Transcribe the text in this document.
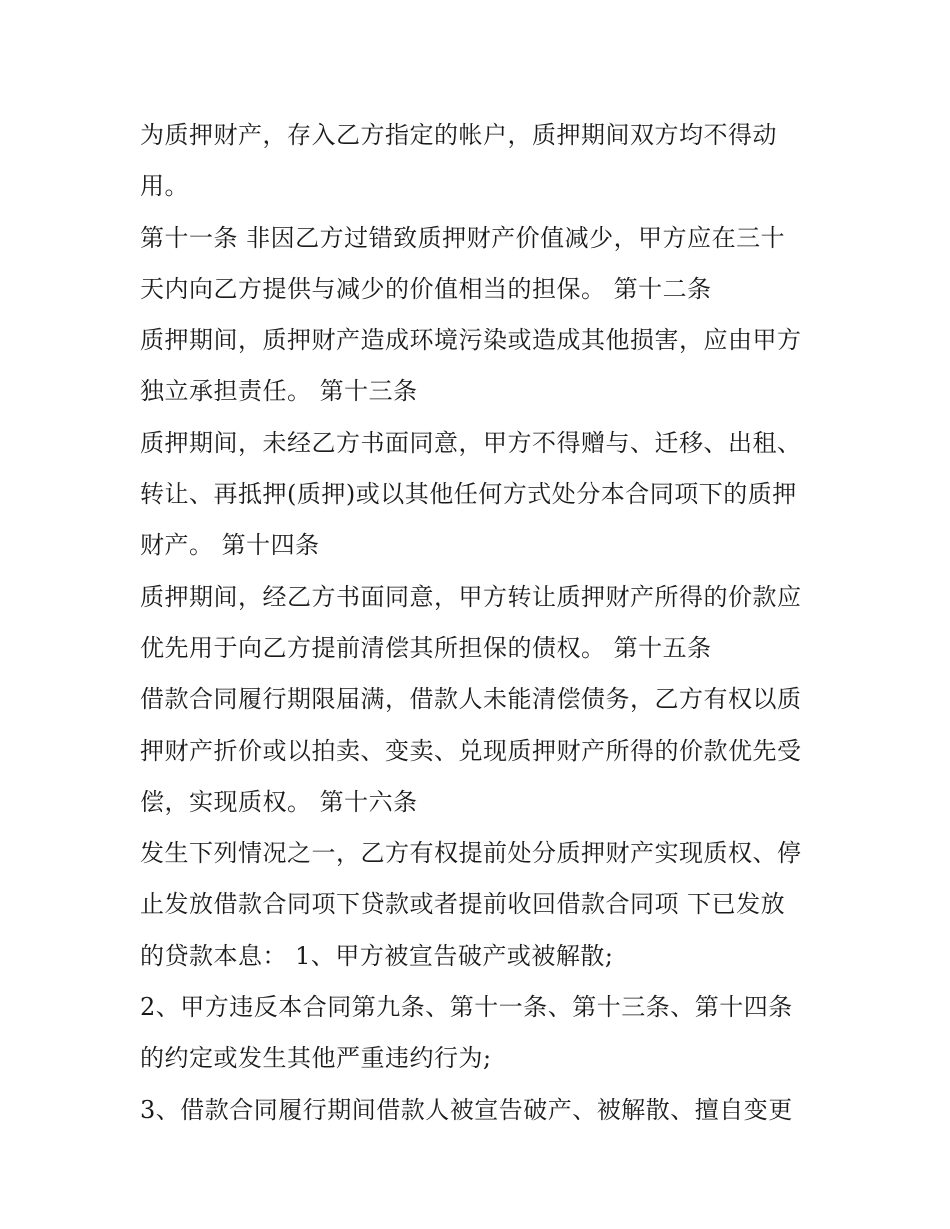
为质押财产，存入乙方指定的帐户，质押期间双方均不得动
用。
第十一条 非因乙方过错致质押财产价值减少，甲方应在三十
天内向乙方提供与减少的价值相当的担保。 第十二条
质押期间，质押财产造成环境污染或造成其他损害，应由甲方
独立承担责任。 第十三条
质押期间，未经乙方书面同意，甲方不得赠与、迁移、出租、
转让、再抵押(质押)或以其他任何方式处分本合同项下的质押
财产。 第十四条
质押期间，经乙方书面同意，甲方转让质押财产所得的价款应
优先用于向乙方提前清偿其所担保的债权。 第十五条
借款合同履行期限届满，借款人未能清偿债务，乙方有权以质
押财产折价或以拍卖、变卖、兑现质押财产所得的价款优先受
偿，实现质权。 第十六条
发生下列情况之一，乙方有权提前处分质押财产实现质权、停
止发放借款合同项下贷款或者提前收回借款合同项 下已发放
的贷款本息： 1、甲方被宣告破产或被解散;
2、甲方违反本合同第九条、第十一条、第十三条、第十四条
的约定或发生其他严重违约行为;
3、借款合同履行期间借款人被宣告破产、被解散、擅自变更
